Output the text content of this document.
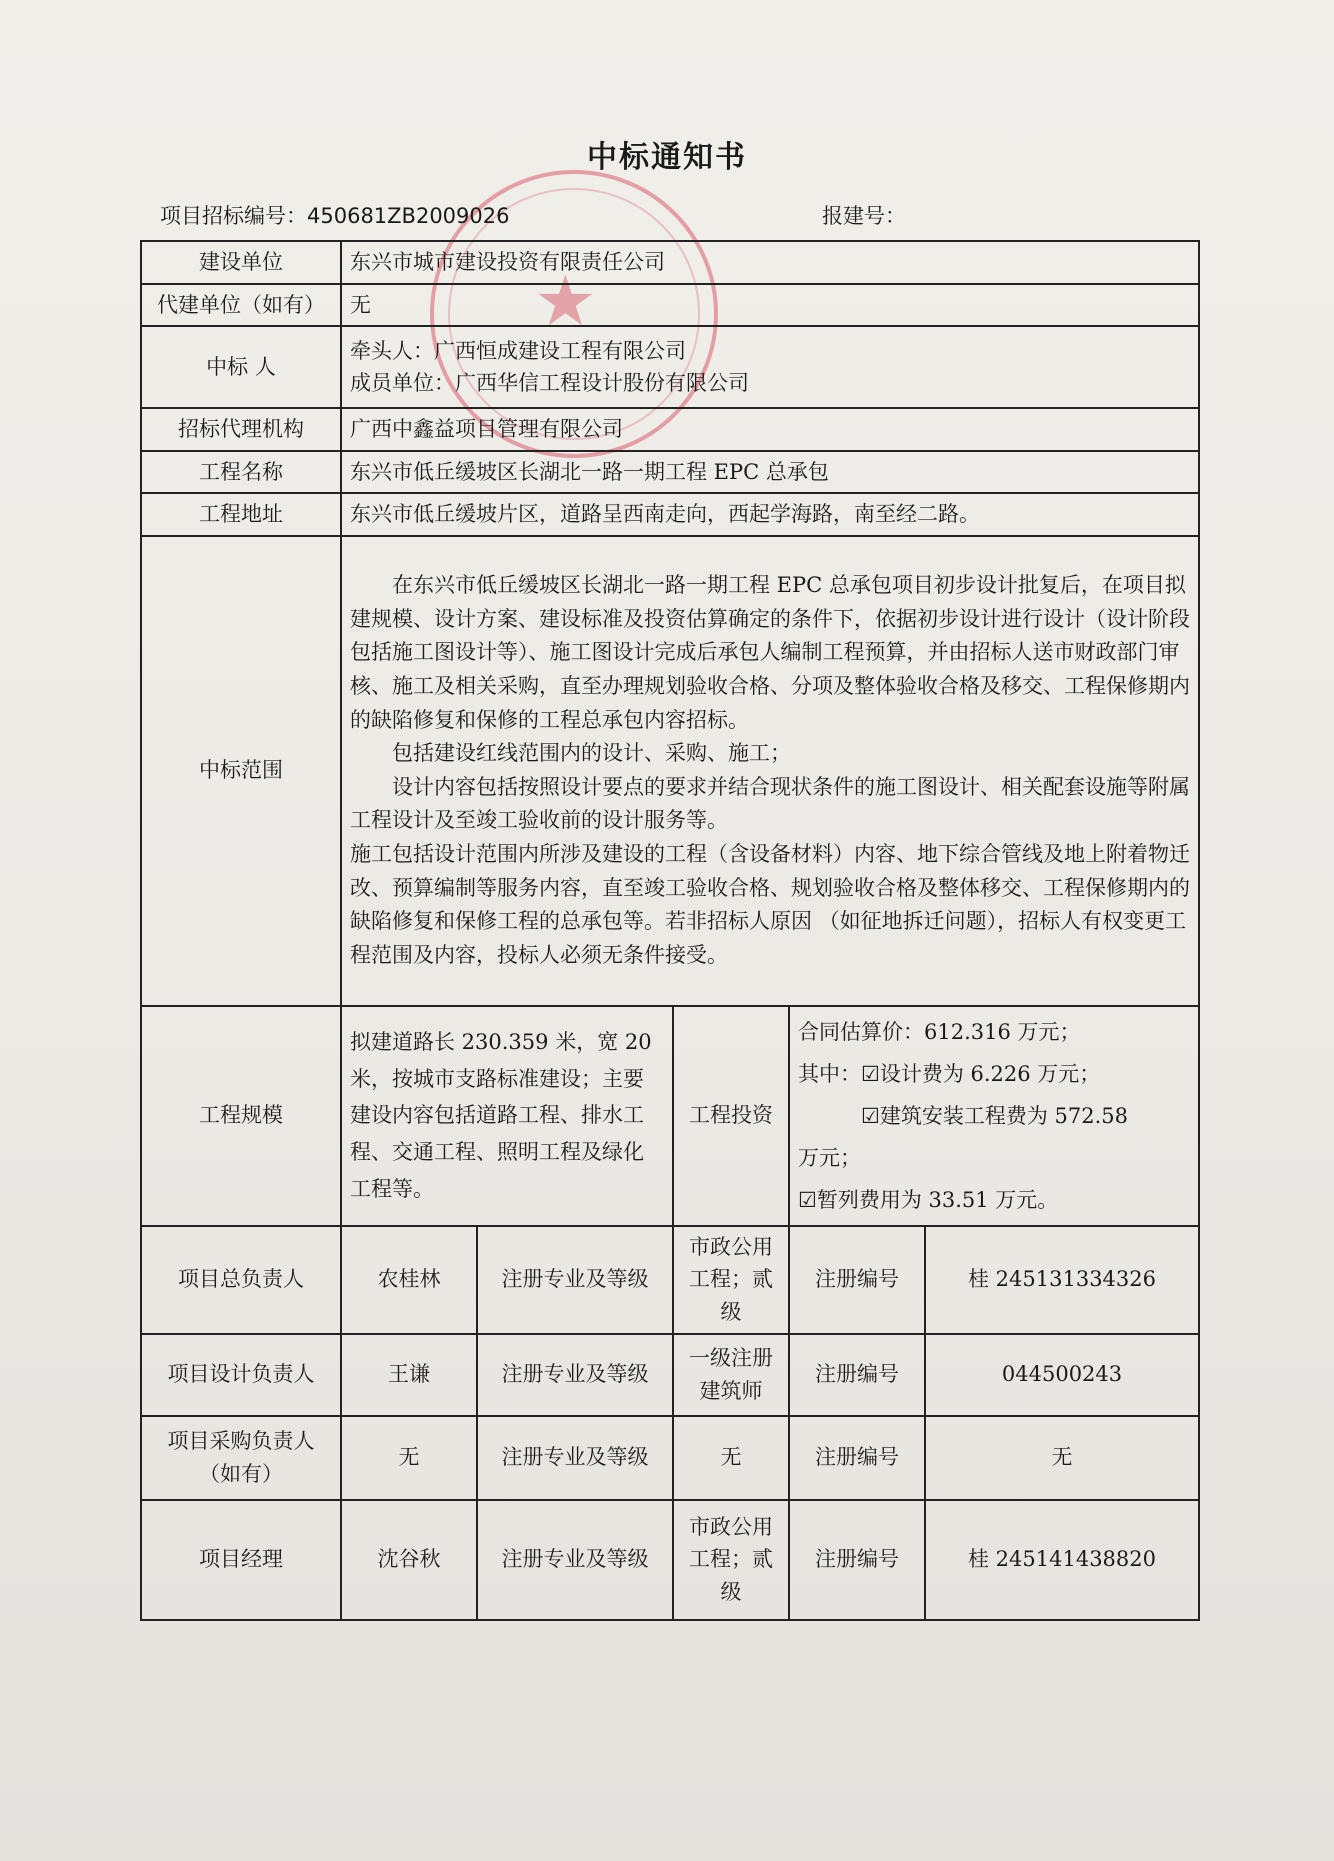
★
中标通知书
项目招标编号：450681ZB2009026	报建号：
建设单位	东兴市城市建设投资有限责任公司				
代建单位（如有）	无				
中标 人	牵头人：广西恒成建设工程有限公司
成员单位：广西华信工程设计股份有限公司				

招标代理机构	广西中鑫益项目管理有限公司				
工程名称	东兴市低丘缓坡区长湖北一路一期工程 EPC 总承包				
工程地址	东兴市低丘缓坡片区，道路呈西南走向，西起学海路，南至经二路。				
中标范围	在东兴市低丘缓坡区长湖北一路一期工程 EPC 总承包项目初步设计批复后，在项目拟建规模、设计方案、建设标准及投资估算确定的条件下，依据初步设计进行设计（设计阶段包括施工图设计等）、施工图设计完成后承包人编制工程预算，并由招标人送市财政部门审核、施工及相关采购，直至办理规划验收合格、分项及整体验收合格及移交、工程保修期内的缺陷修复和保修的工程总承包内容招标。

包括建设红线范围内的设计、采购、施工；

设计内容包括按照设计要点的要求并结合现状条件的施工图设计、相关配套设施等附属工程设计及至竣工验收前的设计服务等。

施工包括设计范围内所涉及建设的工程（含设备材料）内容、地下综合管线及地上附着物迁改、预算编制等服务内容，直至竣工验收合格、规划验收合格及整体移交、工程保修期内的缺陷修复和保修工程的总承包等。若非招标人原因 （如征地拆迁问题），招标人有权变更工程范围及内容，投标人必须无条件接受。				

工程规模	拟建道路长 230.359 米，宽 20 米，按城市支路标准建设；主要建设内容包括道路工程、排水工程、交通工程、照明工程及绿化工程等。		工程投资	合同估算价：612.316 万元；

其中：☑设计费为 6.226 万元；

☑建筑安装工程费为 572.58

万元；

☑暂列费用为 33.51 万元。	

项目总负责人	农桂林	注册专业及等级	市政公用工程；贰级	注册编号	桂 245131334326
项目设计负责人	王谦	注册专业及等级	一级注册建筑师	注册编号	044500243
项目采购负责人（如有）	无	注册专业及等级	无	注册编号	无
项目经理	沈谷秋	注册专业及等级	市政公用工程；贰级	注册编号	桂 245141438820
